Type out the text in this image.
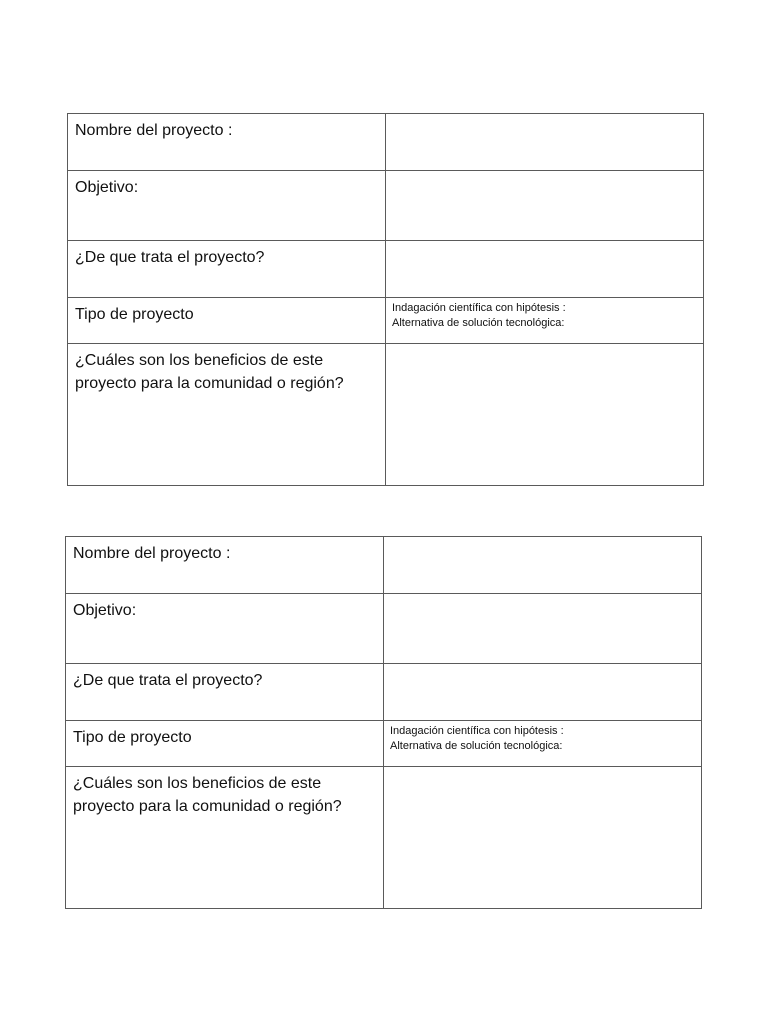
Nombre del proyecto :	

Objetivo:	

¿De que trata el proyecto?	

Tipo de proyecto	Indagación científica con hipótesis :
Alternativa de solución tecnológica:

¿Cuáles son los beneficios de este proyecto para la comunidad o región?	

Nombre del proyecto :	

Objetivo:	

¿De que trata el proyecto?	

Tipo de proyecto	Indagación científica con hipótesis :
Alternativa de solución tecnológica:

¿Cuáles son los beneficios de este proyecto para la comunidad o región?	
